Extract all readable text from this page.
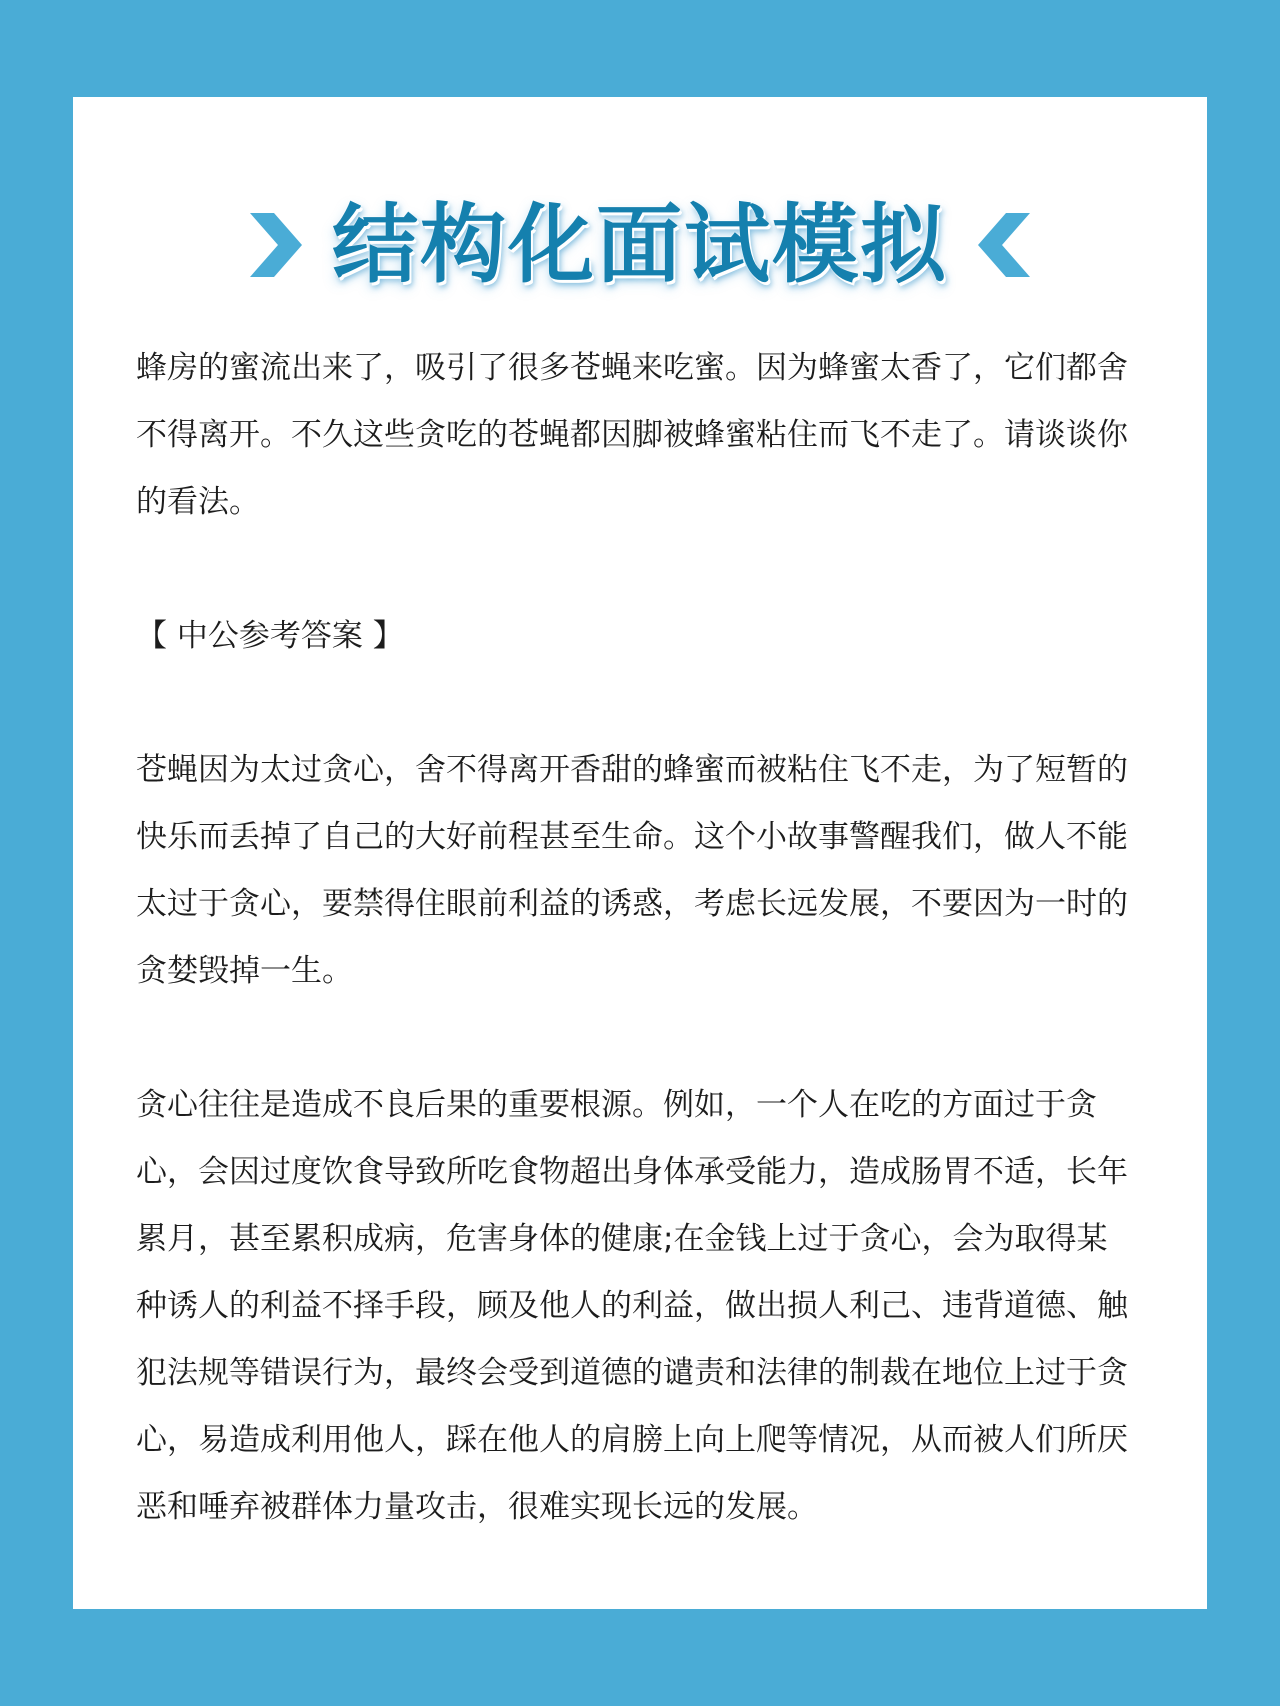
结构化面试模拟

蜂房的蜜流出来了，吸引了很多苍蝇来吃蜜。因为蜂蜜太香了，它们都舍不得离开。不久这些贪吃的苍蝇都因脚被蜂蜜粘住而飞不走了。请谈谈你的看法。

【 中公参考答案 】

苍蝇因为太过贪心，舍不得离开香甜的蜂蜜而被粘住飞不走，为了短暂的快乐而丢掉了自己的大好前程甚至生命。这个小故事警醒我们，做人不能太过于贪心，要禁得住眼前利益的诱惑，考虑长远发展，不要因为一时的贪婪毁掉一生。

贪心往往是造成不良后果的重要根源。例如，一个人在吃的方面过于贪心，会因过度饮食导致所吃食物超出身体承受能力，造成肠胃不适，长年累月，甚至累积成病，危害身体的健康;在金钱上过于贪心，会为取得某种诱人的利益不择手段，顾及他人的利益，做出损人利己、违背道德、触犯法规等错误行为，最终会受到道德的谴责和法律的制裁在地位上过于贪心，易造成利用他人，踩在他人的肩膀上向上爬等情况，从而被人们所厌恶和唾弃被群体力量攻击，很难实现长远的发展。
